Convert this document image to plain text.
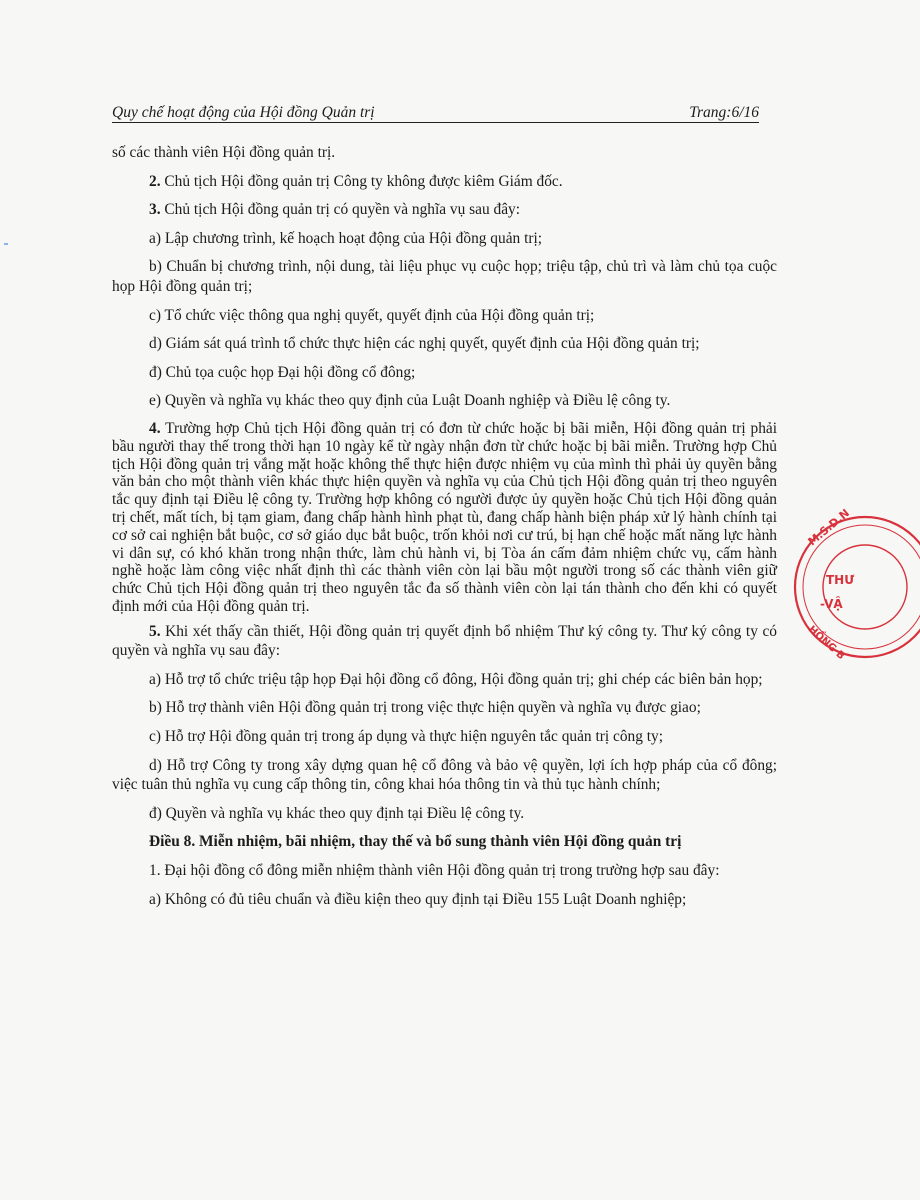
Quy chế hoạt động của Hội đồng Quản trị	Trang:6/16

số các thành viên Hội đồng quản trị.

2. Chủ tịch Hội đồng quản trị Công ty không được kiêm Giám đốc.

3. Chủ tịch Hội đồng quản trị có quyền và nghĩa vụ sau đây:

a) Lập chương trình, kế hoạch hoạt động của Hội đồng quản trị;

b) Chuẩn bị chương trình, nội dung, tài liệu phục vụ cuộc họp; triệu tập, chủ trì và làm chủ tọa cuộc họp Hội đồng quản trị;

c) Tổ chức việc thông qua nghị quyết, quyết định của Hội đồng quản trị;

d) Giám sát quá trình tổ chức thực hiện các nghị quyết, quyết định của Hội đồng quản trị;

đ) Chủ tọa cuộc họp Đại hội đồng cổ đông;

e) Quyền và nghĩa vụ khác theo quy định của Luật Doanh nghiệp và Điều lệ công ty.

4. Trường hợp Chủ tịch Hội đồng quản trị có đơn từ chức hoặc bị bãi miễn, Hội đồng quản trị phải bầu người thay thế trong thời hạn 10 ngày kể từ ngày nhận đơn từ chức hoặc bị bãi miễn. Trường hợp Chủ tịch Hội đồng quản trị vắng mặt hoặc không thể thực hiện được nhiệm vụ của mình thì phải ủy quyền bằng văn bản cho một thành viên khác thực hiện quyền và nghĩa vụ của Chủ tịch Hội đồng quản trị theo nguyên tắc quy định tại Điều lệ công ty. Trường hợp không có người được ủy quyền hoặc Chủ tịch Hội đồng quản trị chết, mất tích, bị tạm giam, đang chấp hành hình phạt tù, đang chấp hành biện pháp xử lý hành chính tại cơ sở cai nghiện bắt buộc, cơ sở giáo dục bắt buộc, trốn khỏi nơi cư trú, bị hạn chế hoặc mất năng lực hành vi dân sự, có khó khăn trong nhận thức, làm chủ hành vi, bị Tòa án cấm đảm nhiệm chức vụ, cấm hành nghề hoặc làm công việc nhất định thì các thành viên còn lại bầu một người trong số các thành viên giữ chức Chủ tịch Hội đồng quản trị theo nguyên tắc đa số thành viên còn lại tán thành cho đến khi có quyết định mới của Hội đồng quản trị.

5. Khi xét thấy cần thiết, Hội đồng quản trị quyết định bổ nhiệm Thư ký công ty. Thư ký công ty có quyền và nghĩa vụ sau đây:

a) Hỗ trợ tổ chức triệu tập họp Đại hội đồng cổ đông, Hội đồng quản trị; ghi chép các biên bản họp;

b) Hỗ trợ thành viên Hội đồng quản trị trong việc thực hiện quyền và nghĩa vụ được giao;

c) Hỗ trợ Hội đồng quản trị trong áp dụng và thực hiện nguyên tắc quản trị công ty;

d) Hỗ trợ Công ty trong xây dựng quan hệ cổ đông và bảo vệ quyền, lợi ích hợp pháp của cổ đông; việc tuân thủ nghĩa vụ cung cấp thông tin, công khai hóa thông tin và thủ tục hành chính;

đ) Quyền và nghĩa vụ khác theo quy định tại Điều lệ công ty.

Điều 8. Miễn nhiệm, bãi nhiệm, thay thế và bổ sung thành viên Hội đồng quản trị

1. Đại hội đồng cổ đông miễn nhiệm thành viên Hội đồng quản trị trong trường hợp sau đây:

a) Không có đủ tiêu chuẩn và điều kiện theo quy định tại Điều 155 Luật Doanh nghiệp;

M.S.D.N
THƯ
-VẬ
HỒNG B
